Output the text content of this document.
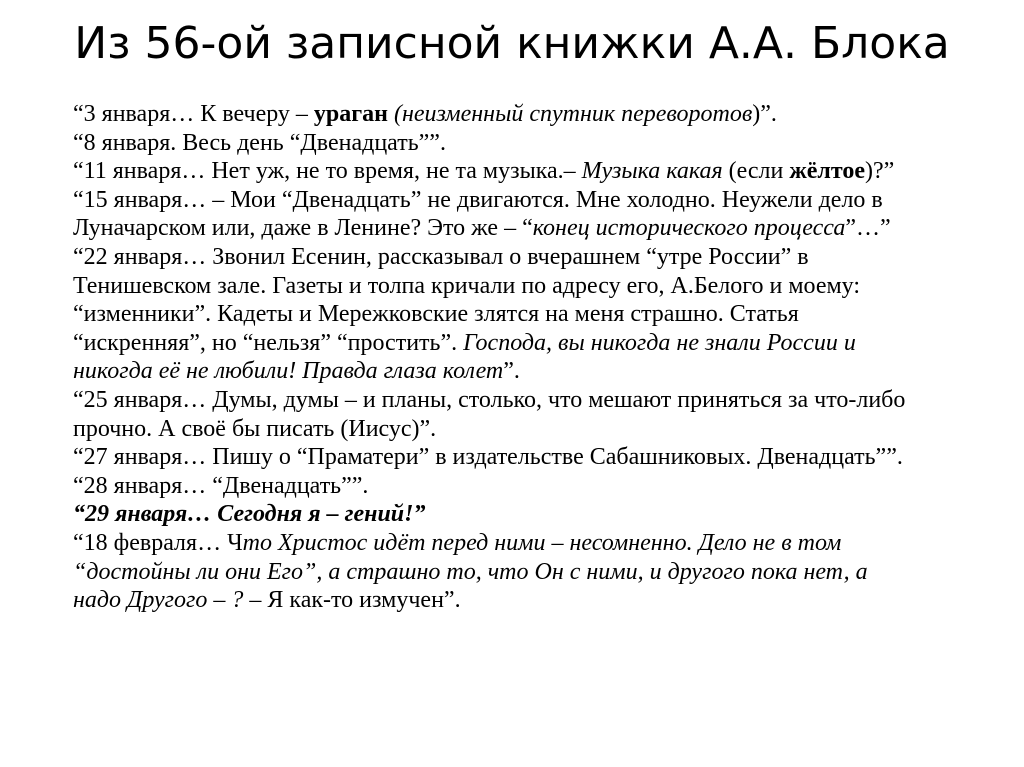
Из 56-ой записной книжки А.А. Блока
“3 января… К вечеру – ураган (неизменный спутник переворотов)”.
“8 января. Весь день “Двенадцать””.
“11 января… Нет уж, не то время, не та музыка.– Музыка какая (если жёлтое)?”
“15 января… – Мои “Двенадцать” не двигаются. Мне холодно. Неужели дело в
Луначарском или, даже в Ленине? Это же – “конец исторического процесса”…”
“22 января… Звонил Есенин, рассказывал о вчерашнем “утре России” в
Тенишевском зале. Газеты и толпа кричали по адресу его, А.Белого и моему:
“изменники”. Кадеты и Мережковские злятся на меня страшно. Статья
“искренняя”, но “нельзя” “простить”. Господа, вы никогда не знали России и
никогда её не любили! Правда глаза колет”.
“25 января… Думы, думы – и планы, столько, что мешают приняться за что-либо
прочно. А своё бы писать (Иисус)”.
“27 января… Пишу о “Праматери” в издательстве Сабашниковых. Двенадцать””.
“28 января… “Двенадцать””.
“29 января… Сегодня я – гений!”
“18 февраля… Что Христос идёт перед ними – несомненно. Дело не в том
“достойны ли они Его”, а страшно то, что Он с ними, и другого пока нет, а
надо Другого – ? – Я как-то измучен”.
